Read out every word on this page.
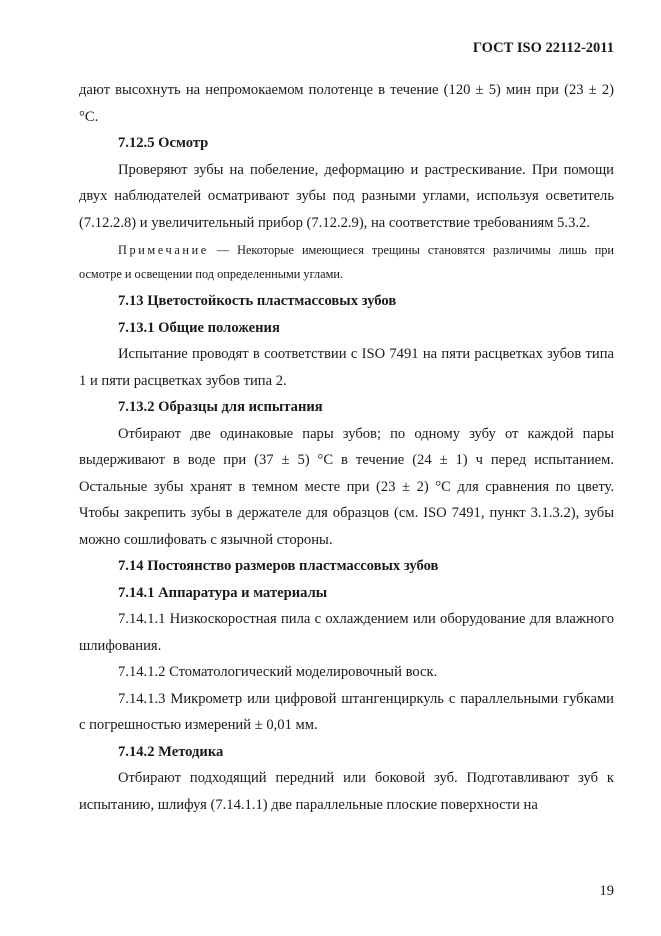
ГОСТ ISO 22112-2011

дают высохнуть на непромокаемом полотенце в течение (120 ± 5) мин при (23 ± 2) °С.

7.12.5 Осмотр

Проверяют зубы на побеление, деформацию и растрескивание. При помощи двух наблюдателей осматривают зубы под разными углами, используя осветитель (7.12.2.8) и увеличительный прибор (7.12.2.9), на соответствие требованиям 5.3.2.

Примечание — Некоторые имеющиеся трещины становятся различимы лишь при осмотре и освещении под определенными углами.

7.13 Цветостойкость пластмассовых зубов

7.13.1 Общие положения

Испытание проводят в соответствии с ISO 7491 на пяти расцветках зубов типа 1 и пяти расцветках зубов типа 2.

7.13.2 Образцы для испытания

Отбирают две одинаковые пары зубов; по одному зубу от каждой пары выдерживают в воде при (37 ± 5) °С в течение (24 ± 1) ч перед испытанием. Остальные зубы хранят в темном месте при (23 ± 2) °С для сравнения по цвету. Чтобы закрепить зубы в держателе для образцов (см. ISO 7491, пункт 3.1.3.2), зубы можно сошлифовать с язычной стороны.

7.14 Постоянство размеров пластмассовых зубов

7.14.1 Аппаратура и материалы

7.14.1.1 Низкоскоростная пила с охлаждением или оборудование для влажного шлифования.

7.14.1.2 Стоматологический моделировочный воск.

7.14.1.3 Микрометр или цифровой штангенциркуль с параллельными губками с погрешностью измерений ± 0,01 мм.

7.14.2 Методика

Отбирают подходящий передний или боковой зуб. Подготавливают зуб к испытанию, шлифуя (7.14.1.1) две параллельные плоские поверхности на

19
